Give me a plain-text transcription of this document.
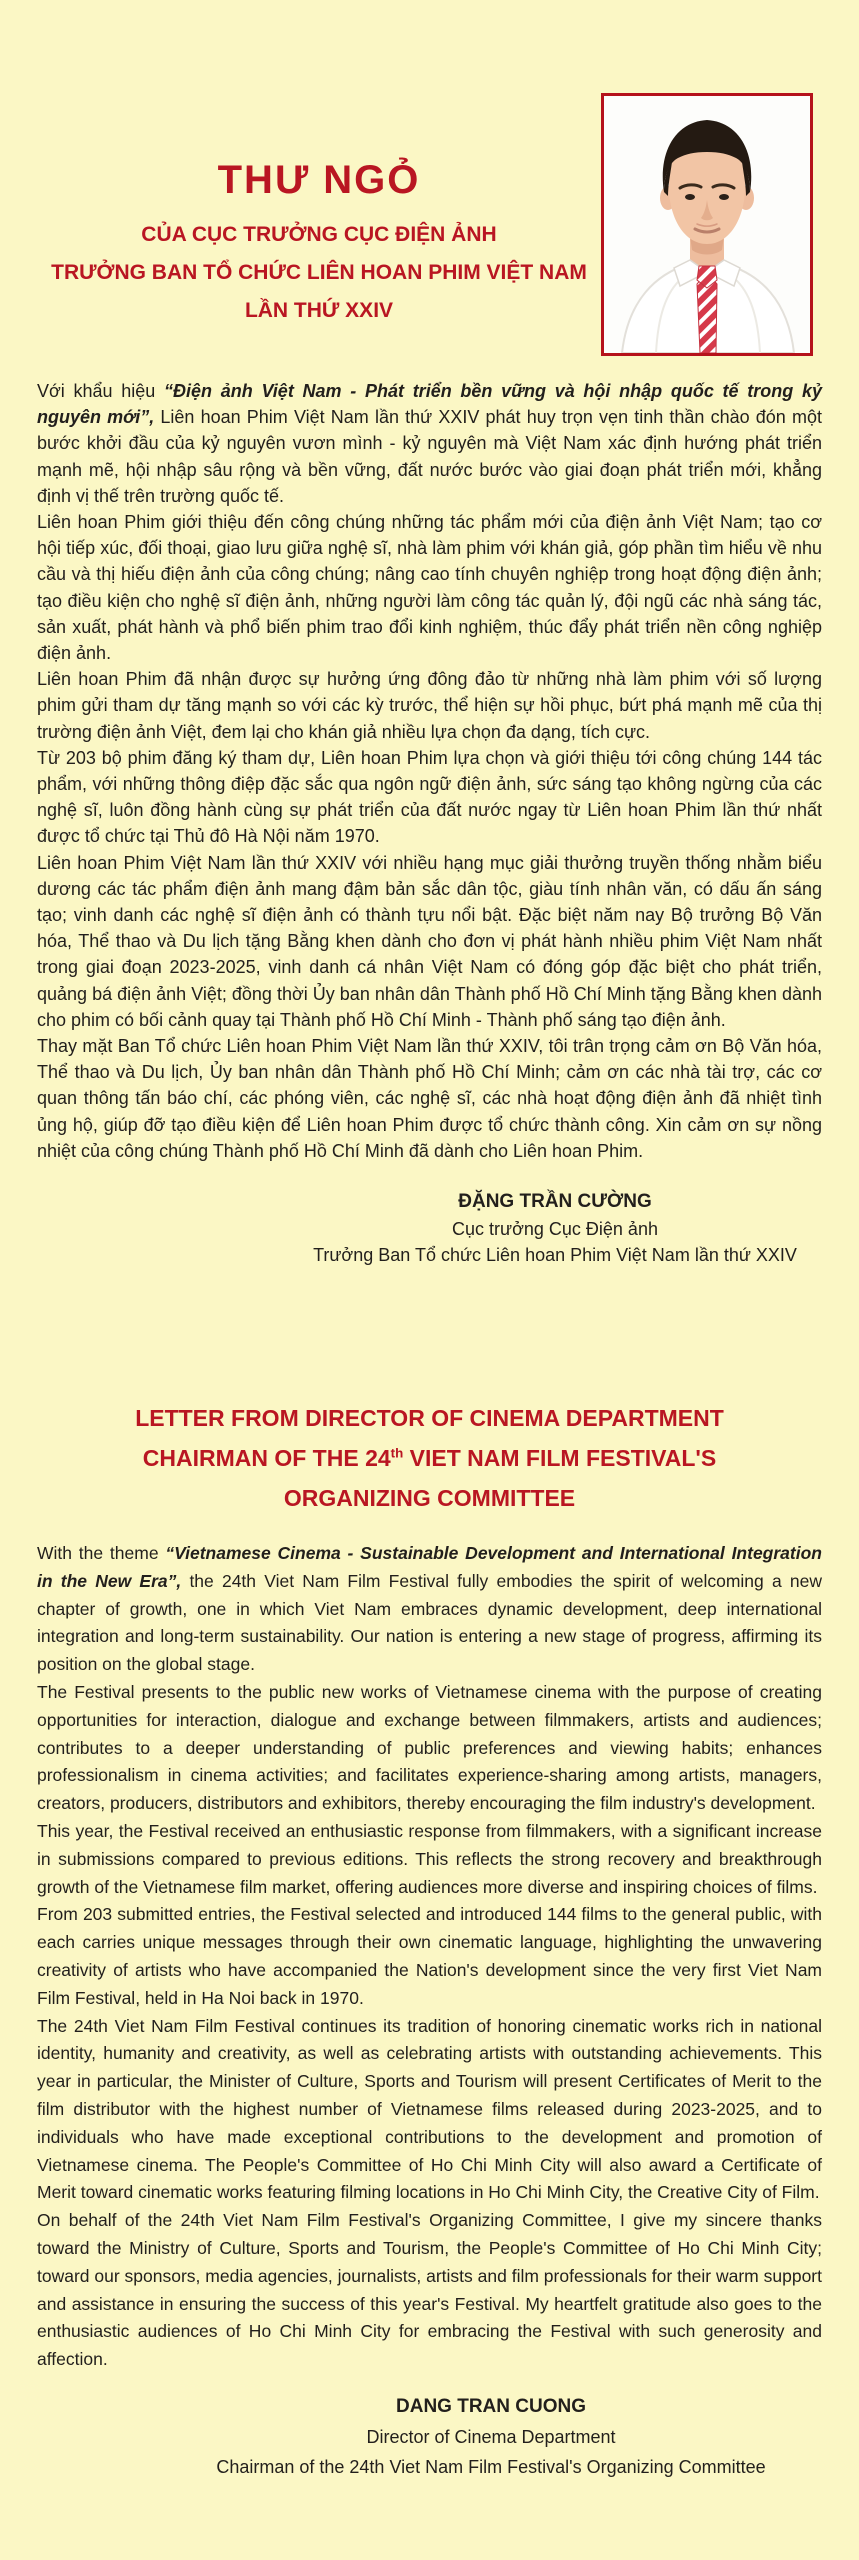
THƯ NGỎ
CỦA CỤC TRƯỞNG CỤC ĐIỆN ẢNH
TRƯỞNG BAN TỔ CHỨC LIÊN HOAN PHIM VIỆT NAM
LẦN THỨ XXIV

Với khẩu hiệu “Điện ảnh Việt Nam - Phát triển bền vững và hội nhập quốc tế trong kỷ nguyên mới”, Liên hoan Phim Việt Nam lần thứ XXIV phát huy trọn vẹn tinh thần chào đón một bước khởi đầu của kỷ nguyên vươn mình - kỷ nguyên mà Việt Nam xác định hướng phát triển mạnh mẽ, hội nhập sâu rộng và bền vững, đất nước bước vào giai đoạn phát triển mới, khẳng định vị thế trên trường quốc tế.

Liên hoan Phim giới thiệu đến công chúng những tác phẩm mới của điện ảnh Việt Nam; tạo cơ hội tiếp xúc, đối thoại, giao lưu giữa nghệ sĩ, nhà làm phim với khán giả, góp phần tìm hiểu về nhu cầu và thị hiếu điện ảnh của công chúng; nâng cao tính chuyên nghiệp trong hoạt động điện ảnh; tạo điều kiện cho nghệ sĩ điện ảnh, những người làm công tác quản lý, đội ngũ các nhà sáng tác, sản xuất, phát hành và phổ biến phim trao đổi kinh nghiệm, thúc đẩy phát triển nền công nghiệp điện ảnh.

Liên hoan Phim đã nhận được sự hưởng ứng đông đảo từ những nhà làm phim với số lượng phim gửi tham dự tăng mạnh so với các kỳ trước, thể hiện sự hồi phục, bứt phá mạnh mẽ của thị trường điện ảnh Việt, đem lại cho khán giả nhiều lựa chọn đa dạng, tích cực.

Từ 203 bộ phim đăng ký tham dự, Liên hoan Phim lựa chọn và giới thiệu tới công chúng 144 tác phẩm, với những thông điệp đặc sắc qua ngôn ngữ điện ảnh, sức sáng tạo không ngừng của các nghệ sĩ, luôn đồng hành cùng sự phát triển của đất nước ngay từ Liên hoan Phim lần thứ nhất được tổ chức tại Thủ đô Hà Nội năm 1970.

Liên hoan Phim Việt Nam lần thứ XXIV với nhiều hạng mục giải thưởng truyền thống nhằm biểu dương các tác phẩm điện ảnh mang đậm bản sắc dân tộc, giàu tính nhân văn, có dấu ấn sáng tạo; vinh danh các nghệ sĩ điện ảnh có thành tựu nổi bật. Đặc biệt năm nay Bộ trưởng Bộ Văn hóa, Thể thao và Du lịch tặng Bằng khen dành cho đơn vị phát hành nhiều phim Việt Nam nhất trong giai đoạn 2023-2025, vinh danh cá nhân Việt Nam có đóng góp đặc biệt cho phát triển, quảng bá điện ảnh Việt; đồng thời Ủy ban nhân dân Thành phố Hồ Chí Minh tặng Bằng khen dành cho phim có bối cảnh quay tại Thành phố Hồ Chí Minh - Thành phố sáng tạo điện ảnh.

Thay mặt Ban Tổ chức Liên hoan Phim Việt Nam lần thứ XXIV, tôi trân trọng cảm ơn Bộ Văn hóa, Thể thao và Du lịch, Ủy ban nhân dân Thành phố Hồ Chí Minh; cảm ơn các nhà tài trợ, các cơ quan thông tấn báo chí, các phóng viên, các nghệ sĩ, các nhà hoạt động điện ảnh đã nhiệt tình ủng hộ, giúp đỡ tạo điều kiện để Liên hoan Phim được tổ chức thành công. Xin cảm ơn sự nồng nhiệt của công chúng Thành phố Hồ Chí Minh đã dành cho Liên hoan Phim.

ĐẶNG TRẦN CƯỜNG
Cục trưởng Cục Điện ảnh
Trưởng Ban Tổ chức Liên hoan Phim Việt Nam lần thứ XXIV
LETTER FROM DIRECTOR OF CINEMA DEPARTMENT
CHAIRMAN OF THE 24th VIET NAM FILM FESTIVAL'S
ORGANIZING COMMITTEE

With the theme “Vietnamese Cinema - Sustainable Development and International Integration in the New Era”, the 24th Viet Nam Film Festival fully embodies the spirit of welcoming a new chapter of growth, one in which Viet Nam embraces dynamic development, deep international integration and long-term sustainability. Our nation is entering a new stage of progress, affirming its position on the global stage.

The Festival presents to the public new works of Vietnamese cinema with the purpose of creating opportunities for interaction, dialogue and exchange between filmmakers, artists and audiences; contributes to a deeper understanding of public preferences and viewing habits; enhances professionalism in cinema activities; and facilitates experience-sharing among artists, managers, creators, producers, distributors and exhibitors, thereby encouraging the film industry's development.

This year, the Festival received an enthusiastic response from filmmakers, with a significant increase in submissions compared to previous editions. This reflects the strong recovery and breakthrough growth of the Vietnamese film market, offering audiences more diverse and inspiring choices of films.

From 203 submitted entries, the Festival selected and introduced 144 films to the general public, with each carries unique messages through their own cinematic language, highlighting the unwavering creativity of artists who have accompanied the Nation's development since the very first Viet Nam Film Festival, held in Ha Noi back in 1970.

The 24th Viet Nam Film Festival continues its tradition of honoring cinematic works rich in national identity, humanity and creativity, as well as celebrating artists with outstanding achievements. This year in particular, the Minister of Culture, Sports and Tourism will present Certificates of Merit to the film distributor with the highest number of Vietnamese films released during 2023-2025, and to individuals who have made exceptional contributions to the development and promotion of Vietnamese cinema. The People's Committee of Ho Chi Minh City will also award a Certificate of Merit toward cinematic works featuring filming locations in Ho Chi Minh City, the Creative City of Film.

On behalf of the 24th Viet Nam Film Festival's Organizing Committee, I give my sincere thanks toward the Ministry of Culture, Sports and Tourism, the People's Committee of Ho Chi Minh City; toward our sponsors, media agencies, journalists, artists and film professionals for their warm support and assistance in ensuring the success of this year's Festival. My heartfelt gratitude also goes to the enthusiastic audiences of Ho Chi Minh City for embracing the Festival with such generosity and affection.

DANG TRAN CUONG
Director of Cinema Department
Chairman of the 24th Viet Nam Film Festival's Organizing Committee
